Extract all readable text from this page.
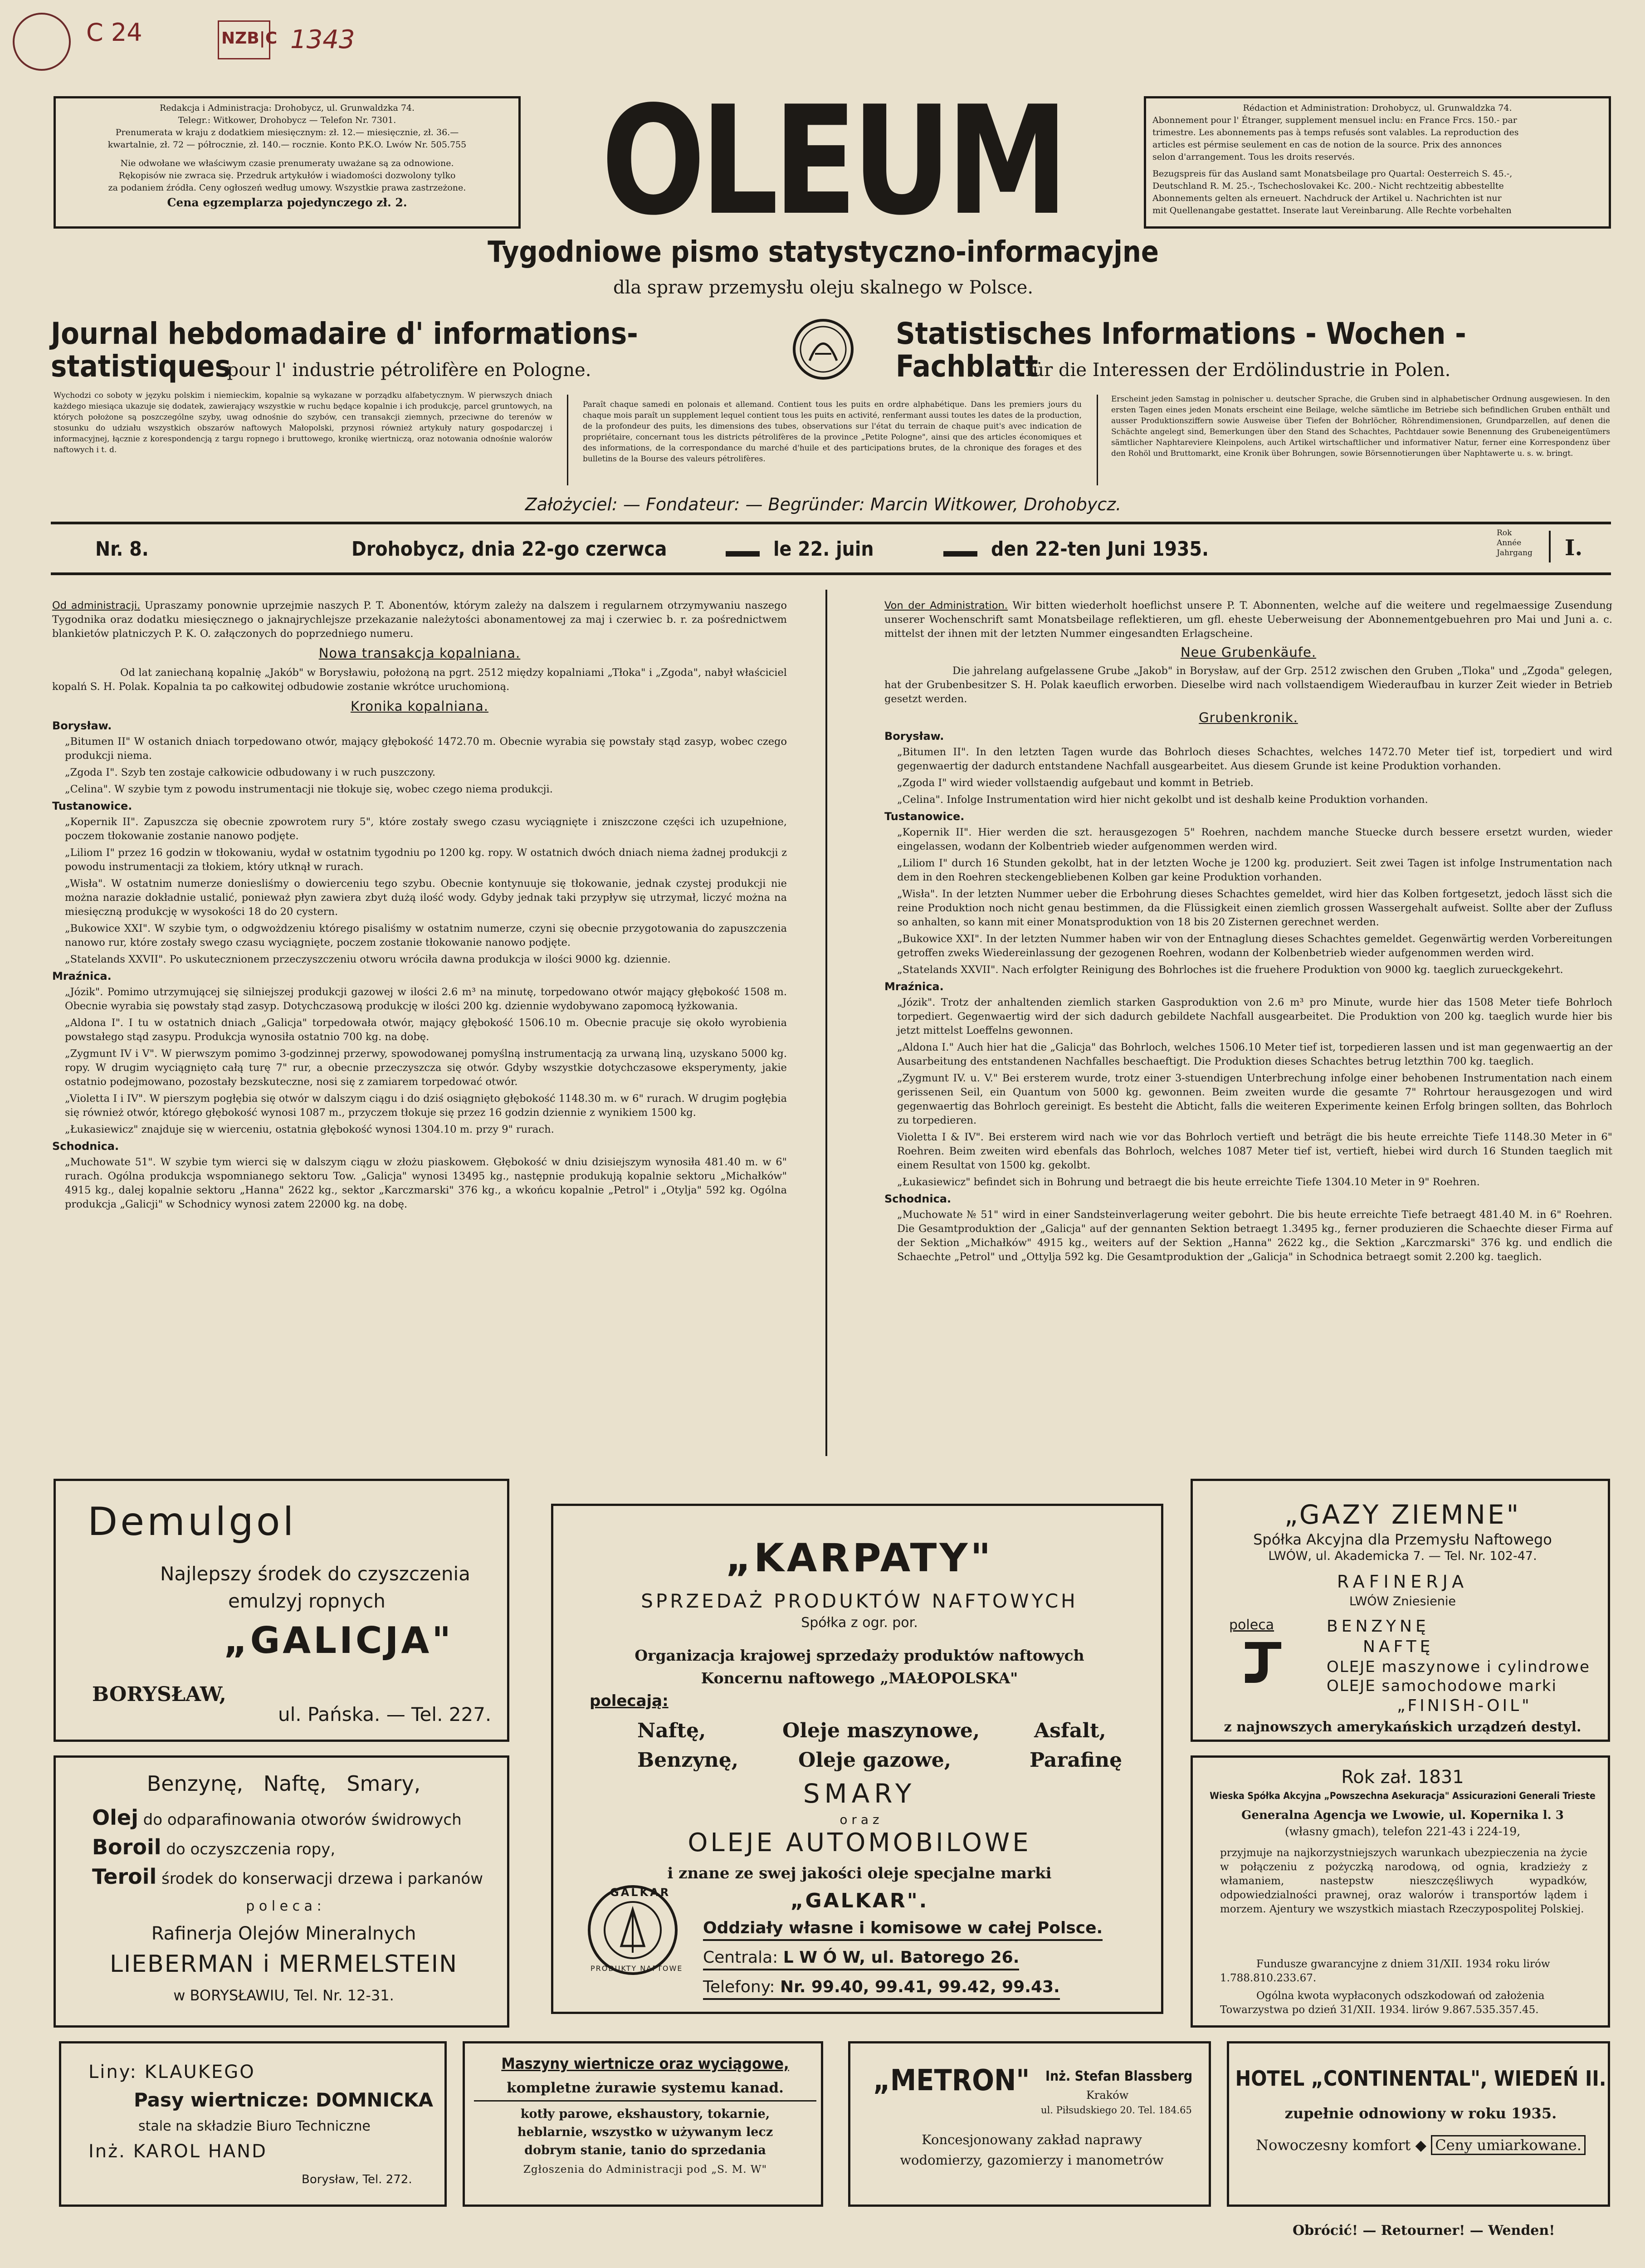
C 24	NZB|C 1343
Redakcja i Administracja: Drohobycz, ul. Grunwaldzka 74.
Telegr.: Witkower, Drohobycz — Telefon Nr. 7301.
Prenumerata w kraju z dodatkiem miesięcznym: zł. 12.— miesięcznie, zł. 36.—
kwartalnie, zł. 72 — półrocznie, zł. 140.— rocznie. Konto P.K.O. Lwów Nr. 505.755
Nie odwołane we właściwym czasie prenumeraty uważane są za odnowione.
Rękopisów nie zwraca się. Przedruk artykułów i wiadomości dozwolony tylko
za podaniem źródła. Ceny ogłoszeń według umowy. Wszystkie prawa zastrzeżone.
Cena egzemplarza pojedynczego zł. 2.
Rédaction et Administration: Drohobycz, ul. Grunwaldzka 74.
Abonnement pour l' Étranger, supplement mensuel inclu: en France Frcs. 150.- par
trimestre. Les abonnements pas à temps refusés sont valables. La reproduction des
articles est pérmise seulement en cas de notion de la source. Prix des annonces
selon d'arrangement. Tous les droits reservés.
Bezugspreis für das Ausland samt Monatsbeilage pro Quartal: Oesterreich S. 45.-,
Deutschland R. M. 25.-, Tschechoslovakei Kc. 200.- Nicht rechtzeitig abbestellte
Abonnements gelten als erneuert. Nachdruck der Artikel u. Nachrichten ist nur
mit Quellenangabe gestattet. Inserate laut Vereinbarung. Alle Rechte vorbehalten
OLEUM
Tygodniowe pismo statystyczno-informacyjne
dla spraw przemysłu oleju skalnego w Polsce.
Journal hebdomadaire d' informations-statistiques
pour l' industrie pétrolifère en Pologne.
Statistisches Informations - Wochen - Fachblatt
für die Interessen der Erdölindustrie in Polen.
Wychodzi co soboty w języku polskim i niemieckim, kopalnie są wykazane w porządku alfabetycznym. W pierwszych dniach każdego miesiąca ukazuje się dodatek, zawierający wszystkie w ruchu będące kopalnie i ich produkcję, parcel gruntowych, na których położone są poszczególne szyby, uwag odnośnie do szybów, cen transakcji ziemnych, przeciwne do terenów w stosunku do udziału wszystkich obszarów naftowych Małopolski, przynosi również artykuły natury gospodarczej i informacyjnej, łącznie z korespondencją z targu ropnego i bruttowego, kronikę wiertniczą, oraz notowania odnośnie walorów naftowych i t. d.
Paraît chaque samedi en polonais et allemand. Contient tous les puits en ordre alphabétique. Dans les premiers jours du chaque mois paraît un supplement lequel contient tous les puits en activité, renfermant aussi toutes les dates de la production, de la profondeur des puits, les dimensions des tubes, observations sur l'état du terrain de chaque puit's avec indication de propriétaire, concernant tous les districts pétrolifères de la province „Petite Pologne", ainsi que des articles économiques et des informations, de la correspondance du marché d'huile et des participations brutes, de la chronique des forages et des bulletins de la Bourse des valeurs pétrolifères.
Erscheint jeden Samstag in polnischer u. deutscher Sprache, die Gruben sind in alphabetischer Ordnung ausgewiesen. In den ersten Tagen eines jeden Monats erscheint eine Beilage, welche sämtliche im Betriebe sich befindlichen Gruben enthält und ausser Produktionsziffern sowie Ausweise über Tiefen der Bohrlöcher, Röhrendimensionen, Grundparzellen, auf denen die Schächte angelegt sind, Bemerkungen über den Stand des Schachtes, Pachtdauer sowie Benennung des Grubeneigentümers sämtlicher Naphtareviere Kleinpolens, auch Artikel wirtschaftlicher und informativer Natur, ferner eine Korrespondenz über den Rohöl und Bruttomarkt, eine Kronik über Bohrungen, sowie Börsennotierungen über Naphtawerte u. s. w. bringt.
Założyciel: — Fondateur: — Begründer: Marcin Witkower, Drohobycz.
Nr. 8.	Drohobycz, dnia 22-go czerwca	le 22. juin	den 22-ten Juni 1935.
Rok
Année
Jahrgang I.

Od administracji. Upraszamy ponownie uprzejmie naszych P. T. Abonentów, którym zależy na dalszem i regularnem otrzymywaniu naszego Tygodnika oraz dodatku miesięcznego o jaknajrychlejsze przekazanie należytości abonamentowej za maj i czerwiec b. r. za pośrednictwem blankietów platniczych P. K. O. załączonych do poprzedniego numeru.

Nowa transakcja kopalniana.

Od lat zaniechaną kopalnię „Jakób" w Borysławiu, położoną na pgrt. 2512 między kopalniami „Tłoka" i „Zgoda", nabył właściciel kopalń S. H. Polak. Kopalnia ta po całkowitej odbudowie zostanie wkrótce uruchomioną.

Kronika kopalniana.
Borysław.

„Bitumen II" W ostanich dniach torpedowano otwór, mający głębokość 1472.70 m. Obecnie wyrabia się powstały stąd zasyp, wobec czego produkcji niema.

„Zgoda I". Szyb ten zostaje całkowicie odbudowany i w ruch puszczony.

„Celina". W szybie tym z powodu instrumentacji nie tłokuje się, wobec czego niema produkcji.

Tustanowice.

„Kopernik II". Zapuszcza się obecnie zpowrotem rury 5", które zostały swego czasu wyciągnięte i zniszczone części ich uzupełnione, poczem tłokowanie zostanie nanowo podjęte.

„Liliom I" przez 16 godzin w tłokowaniu, wydał w ostatnim tygodniu po 1200 kg. ropy. W ostatnich dwóch dniach niema żadnej produkcji z powodu instrumentacji za tłokiem, który utknął w rurach.

„Wisła". W ostatnim numerze doniesliśmy o dowierceniu tego szybu. Obecnie kontynuuje się tłokowanie, jednak czystej produkcji nie można narazie dokładnie ustalić, ponieważ płyn zawiera zbyt dużą ilość wody. Gdyby jednak taki przypływ się utrzymał, liczyć można na miesięczną produkcję w wysokości 18 do 20 cystern.

„Bukowice XXI". W szybie tym, o odgwożdzeniu którego pisaliśmy w ostatnim numerze, czyni się obecnie przygotowania do zapuszczenia nanowo rur, które zostały swego czasu wyciągnięte, poczem zostanie tłokowanie nanowo podjęte.

„Statelands XXVII". Po uskutecznionem przeczyszczeniu otworu wróciła dawna produkcja w ilości 9000 kg. dziennie.

Mraźnica.

„Józik". Pomimo utrzymującej się silniejszej produkcji gazowej w ilości 2.6 m³ na minutę, torpedowano otwór mający głębokość 1508 m. Obecnie wyrabia się powstały stąd zasyp. Dotychczasową produkcję w ilości 200 kg. dziennie wydobywano zapomocą łyżkowania.

„Aldona I". I tu w ostatnich dniach „Galicja" torpedowała otwór, mający głębokość 1506.10 m. Obecnie pracuje się około wyrobienia powstałego stąd zasypu. Produkcja wynosiła ostatnio 700 kg. na dobę.

„Zygmunt IV i V". W pierwszym pomimo 3-godzinnej przerwy, spowodowanej pomyślną instrumentacją za urwaną liną, uzyskano 5000 kg. ropy. W drugim wyciągnięto całą turę 7" rur, a obecnie przeczyszcza się otwór. Gdyby wszystkie dotychczasowe eksperymenty, jakie ostatnio podejmowano, pozostały bezskuteczne, nosi się z zamiarem torpedować otwór.

„Violetta I i IV". W pierszym pogłębia się otwór w dalszym ciągu i do dziś osiągnięto głębokość 1148.30 m. w 6" rurach. W drugim pogłębia się również otwór, którego głębokość wynosi 1087 m., przyczem tłokuje się przez 16 godzin dziennie z wynikiem 1500 kg.

„Łukasiewicz" znajduje się w wierceniu, ostatnia głębokość wynosi 1304.10 m. przy 9" rurach.

Schodnica.

„Muchowate 51". W szybie tym wierci się w dalszym ciągu w złożu piaskowem. Głębokość w dniu dzisiejszym wynosiła 481.40 m. w 6" rurach. Ogólna produkcja wspomnianego sektoru Tow. „Galicja" wynosi 13495 kg., następnie produkują kopalnie sektoru „Michałków" 4915 kg., dalej kopalnie sektoru „Hanna" 2622 kg., sektor „Karczmarski" 376 kg., a wkońcu kopalnie „Petrol" i „Otylja" 592 kg. Ogólna produkcja „Galicji" w Schodnicy wynosi zatem 22000 kg. na dobę.

Von der Administration. Wir bitten wiederholt hoeflichst unsere P. T. Abonnenten, welche auf die weitere und regelmaessige Zusendung unserer Wochenschrift samt Monatsbeilage reflektieren, um gfl. eheste Ueberweisung der Abonnementgebuehren pro Mai und Juni a. c. mittelst der ihnen mit der letzten Nummer eingesandten Erlagscheine.

Neue Grubenkäufe.

Die jahrelang aufgelassene Grube „Jakob" in Borysław, auf der Grp. 2512 zwischen den Gruben „Tloka" und „Zgoda" gelegen, hat der Grubenbesitzer S. H. Polak kaeuflich erworben. Dieselbe wird nach vollstaendigem Wiederaufbau in kurzer Zeit wieder in Betrieb gesetzt werden.

Grubenkronik.
Borysław.

„Bitumen II". In den letzten Tagen wurde das Bohrloch dieses Schachtes, welches 1472.70 Meter tief ist, torpediert und wird gegenwaertig der dadurch entstandene Nachfall ausgearbeitet. Aus diesem Grunde ist keine Produktion vorhanden.

„Zgoda I" wird wieder vollstaendig aufgebaut und kommt in Betrieb.

„Celina". Infolge Instrumentation wird hier nicht gekolbt und ist deshalb keine Produktion vorhanden.

Tustanowice.

„Kopernik II". Hier werden die szt. herausgezogen 5" Roehren, nachdem manche Stuecke durch bessere ersetzt wurden, wieder eingelassen, wodann der Kolbentrieb wieder aufgenommen werden wird.

„Liliom I" durch 16 Stunden gekolbt, hat in der letzten Woche je 1200 kg. produziert. Seit zwei Tagen ist infolge Instrumentation nach dem in den Roehren steckengebliebenen Kolben gar keine Produktion vorhanden.

„Wisła". In der letzten Nummer ueber die Erbohrung dieses Schachtes gemeldet, wird hier das Kolben fortgesetzt, jedoch lässt sich die reine Produktion noch nicht genau bestimmen, da die Flüssigkeit einen ziemlich grossen Wassergehalt aufweist. Sollte aber der Zufluss so anhalten, so kann mit einer Monatsproduktion von 18 bis 20 Zisternen gerechnet werden.

„Bukowice XXI". In der letzten Nummer haben wir von der Entnaglung dieses Schachtes gemeldet. Gegenwärtig werden Vorbereitungen getroffen zweks Wiedereinlassung der gezogenen Roehren, wodann der Kolbenbetrieb wieder aufgenommen werden wird.

„Statelands XXVII". Nach erfolgter Reinigung des Bohrloches ist die fruehere Produktion von 9000 kg. taeglich zurueckgekehrt.

Mraźnica.

„Józik". Trotz der anhaltenden ziemlich starken Gasproduktion von 2.6 m³ pro Minute, wurde hier das 1508 Meter tiefe Bohrloch torpediert. Gegenwaertig wird der sich dadurch gebildete Nachfall ausgearbeitet. Die Produktion von 200 kg. taeglich wurde hier bis jetzt mittelst Loeffelns gewonnen.

„Aldona I." Auch hier hat die „Galicja" das Bohrloch, welches 1506.10 Meter tief ist, torpedieren lassen und ist man gegenwaertig an der Ausarbeitung des entstandenen Nachfalles beschaeftigt. Die Produktion dieses Schachtes betrug letzthin 700 kg. taeglich.

„Zygmunt IV. u. V." Bei ersterem wurde, trotz einer 3-stuendigen Unterbrechung infolge einer behobenen Instrumentation nach einem gerissenen Seil, ein Quantum von 5000 kg. gewonnen. Beim zweiten wurde die gesamte 7" Rohrtour herausgezogen und wird gegenwaertig das Bohrloch gereinigt. Es besteht die Abticht, falls die weiteren Experimente keinen Erfolg bringen sollten, das Bohrloch zu torpedieren.

Violetta I & IV". Bei ersterem wird nach wie vor das Bohrloch vertieft und beträgt die bis heute erreichte Tiefe 1148.30 Meter in 6" Roehren. Beim zweiten wird ebenfals das Bohrloch, welches 1087 Meter tief ist, vertieft, hiebei wird durch 16 Stunden taeglich mit einem Resultat von 1500 kg. gekolbt.

„Łukasiewicz" befindet sich in Bohrung und betraegt die bis heute erreichte Tiefe 1304.10 Meter in 9" Roehren.

Schodnica.

„Muchowate № 51" wird in einer Sandsteinverlagerung weiter gebohrt. Die bis heute erreichte Tiefe betraegt 481.40 M. in 6" Roehren. Die Gesamtproduktion der „Galicja" auf der gennanten Sektion betraegt 1.3495 kg., ferner produzieren die Schaechte dieser Firma auf der Sektion „Michałków" 4915 kg., weiters auf der Sektion „Hanna" 2622 kg., die Sektion „Karczmarski" 376 kg. und endlich die Schaechte „Petrol" und „Ottylja 592 kg. Die Gesamtproduktion der „Galicja" in Schodnica betraegt somit 2.200 kg. taeglich.

Demulgol
Najlepszy środek do czyszczenia
emulzyj ropnych
„GALICJA"
BORYSŁAW,
ul. Pańska. — Tel. 227.
Benzynę, Naftę, Smary,
Olej do odparafinowania otworów świdrowych
Boroil do oczyszczenia ropy,
Teroil środek do konserwacji drzewa i parkanów
p o l e c a :
Rafinerja Olejów Mineralnych
LIEBERMAN i MERMELSTEIN
w BORYSŁAWIU, Tel. Nr. 12-31.
„KARPATY"
SPRZEDAŻ PRODUKTÓW NAFTOWYCH
Spółka z ogr. por.
Organizacja krajowej sprzedaży produktów naftowych
Koncernu naftowego „MAŁOPOLSKA"
polecają:
Naftę,	Oleje maszynowe,	Asfalt,
Benzynę,	Oleje gazowe,	Parafinę
SMARY
o r a z
OLEJE AUTOMOBILOWE
i znane ze swej jakości oleje specjalne marki
„GALKAR".
GALKAR
PRODUKTY NAFTOWE
Oddziały własne i komisowe w całej Polsce.
Centrala: L W Ó W, ul. Batorego 26.
Telefony: Nr. 99.40, 99.41, 99.42, 99.43.
„GAZY ZIEMNE"
Spółka Akcyjna dla Przemysłu Naftowego
LWÓW, ul. Akademicka 7. — Tel. Nr. 102-47.
RAFINERJA
LWÓW Zniesienie
poleca	BENZYNĘ
NAFTĘ
OLEJE maszynowe i cylindrowe
OLEJE samochodowe marki
„FINISH-OIL"
z najnowszych amerykańskich urządzeń destyl.
Rok zał. 1831
Wieska Spółka Akcyjna „Powszechna Asekuracja" Assicurazioni Generali Trieste
Generalna Agencja we Lwowie, ul. Kopernika l. 3
(własny gmach), telefon 221-43 i 224-19,
przyjmuje na najkorzystniejszych warunkach ubezpieczenia na życie w połączeniu z pożyczką narodową, od ognia, kradzieży z włamaniem, nastepstw nieszczęśliwych wypadków, odpowiedzialności prawnej, oraz walorów i transportów lądem i morzem. Ajentury we wszystkich miastach Rzeczypospolitej Polskiej.
Fundusze gwarancyjne z dniem 31/XII. 1934 roku lirów 1.788.810.233.67.
Ogólna kwota wypłaconych odszkodowań od założenia Towarzystwa po dzień 31/XII. 1934. lirów 9.867.535.357.45.
Liny: KLAUKEGO
Pasy wiertnicze: DOMNICKA
stale na składzie Biuro Techniczne
Inż. KAROL HAND
Borysław, Tel. 272.
Maszyny wiertnicze oraz wyciągowe,
kompletne żurawie systemu kanad.
kotły parowe, ekshaustory, tokarnie,
heblarnie, wszystko w używanym lecz
dobrym stanie, tanio do sprzedania
Zgłoszenia do Administracji pod „S. M. W"
„METRON" Inż. Stefan Blassberg
Kraków
ul. Piłsudskiego 20. Tel. 184.65
Koncesjonowany zakład naprawy
wodomierzy, gazomierzy i manometrów
HOTEL „CONTINENTAL", WIEDEŃ II.
zupełnie odnowiony w roku 1935.
Nowoczesny komfort ◆ Ceny umiarkowane.
Obrócić! — Retourner! — Wenden!
